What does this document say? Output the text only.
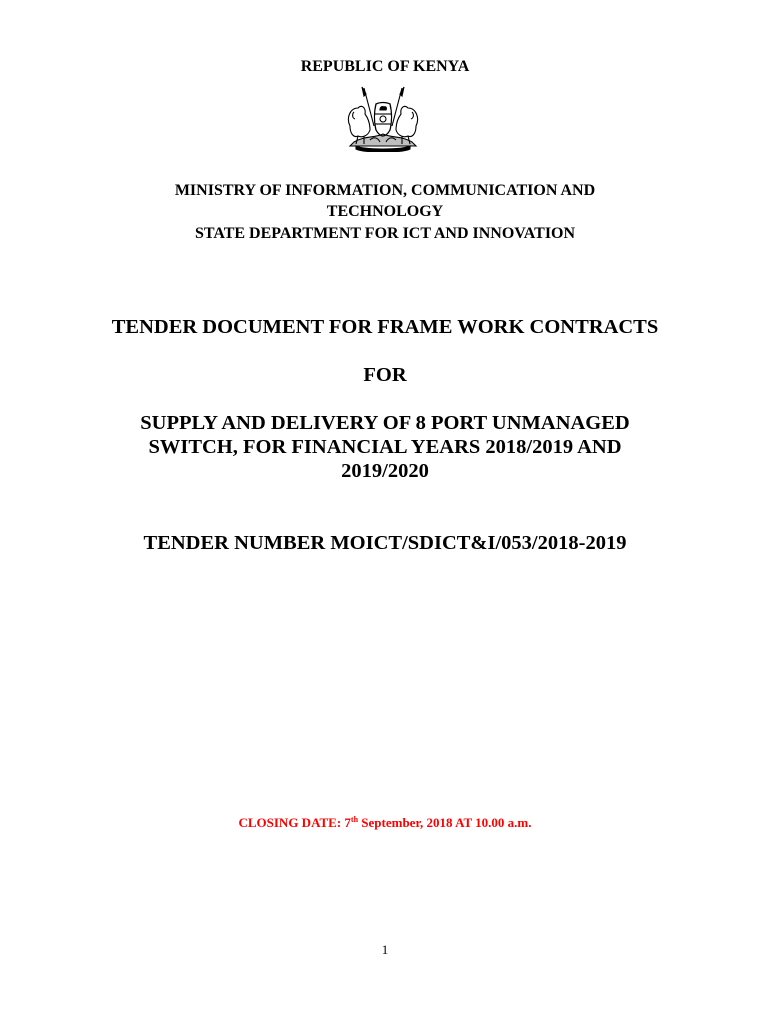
REPUBLIC OF KENYA
MINISTRY OF INFORMATION, COMMUNICATION AND
TECHNOLOGY
STATE DEPARTMENT FOR ICT AND INNOVATION
TENDER DOCUMENT FOR FRAME WORK CONTRACTS
FOR
SUPPLY AND DELIVERY OF 8 PORT UNMANAGED
SWITCH, FOR FINANCIAL YEARS 2018/2019 AND
2019/2020
TENDER NUMBER MOICT/SDICT&I/053/2018-2019
CLOSING DATE: 7th September, 2018 AT 10.00 a.m.
1
